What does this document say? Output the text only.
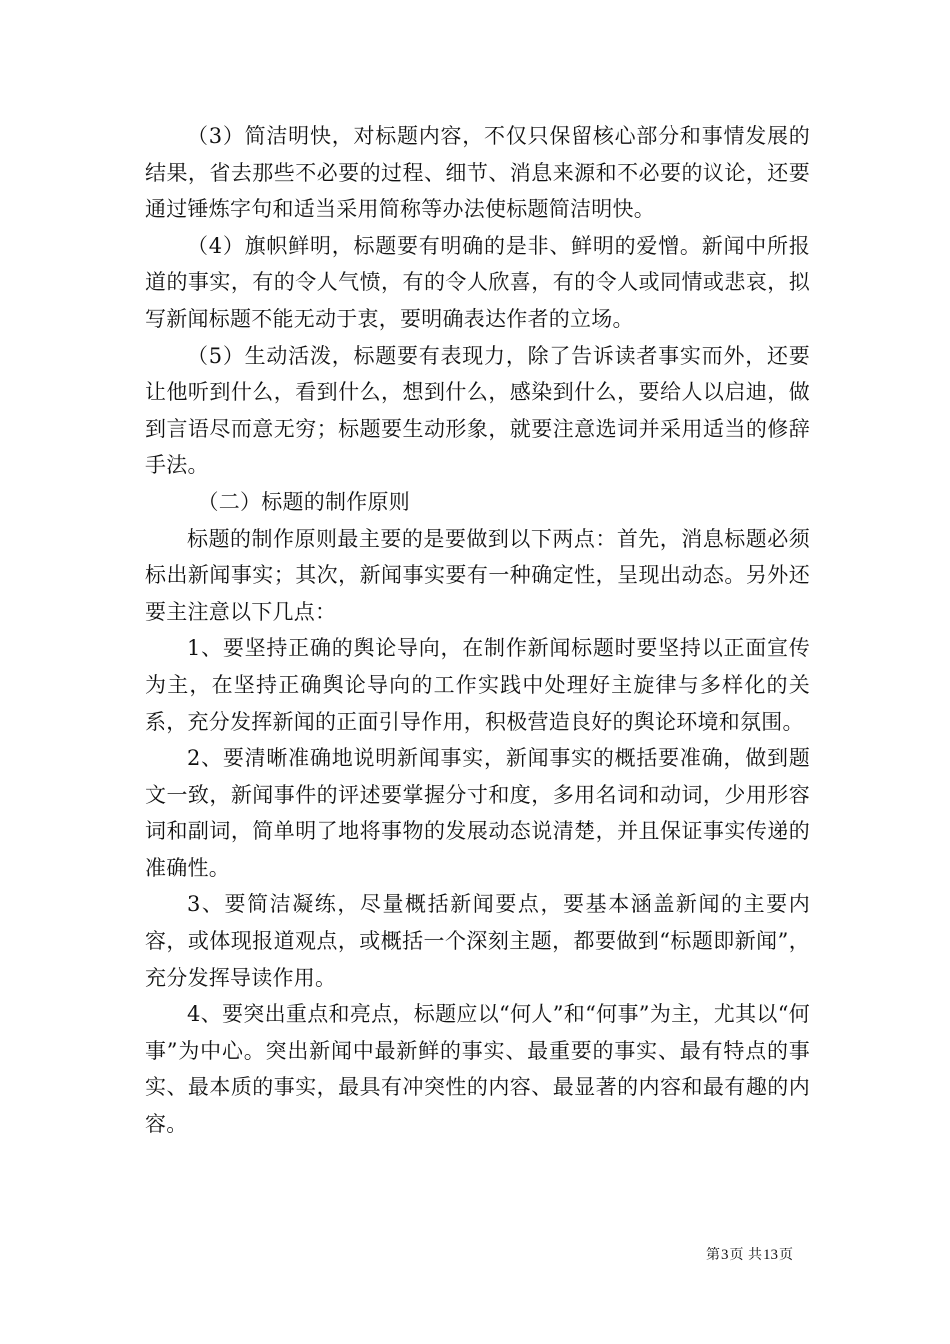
（3）简洁明快，对标题内容，不仅只保留核心部分和事情发展的结果，省去那些不必要的过程、细节、消息来源和不必要的议论，还要通过锤炼字句和适当采用简称等办法使标题简洁明快。

（4）旗帜鲜明，标题要有明确的是非、鲜明的爱憎。新闻中所报道的事实，有的令人气愤，有的令人欣喜，有的令人或同情或悲哀，拟写新闻标题不能无动于衷，要明确表达作者的立场。

（5）生动活泼，标题要有表现力，除了告诉读者事实而外，还要让他听到什么，看到什么，想到什么，感染到什么，要给人以启迪，做到言语尽而意无穷；标题要生动形象，就要注意选词并采用适当的修辞手法。

（二）标题的制作原则

标题的制作原则最主要的是要做到以下两点：首先，消息标题必须标出新闻事实；其次，新闻事实要有一种确定性，呈现出动态。另外还要主注意以下几点：

1、要坚持正确的舆论导向，在制作新闻标题时要坚持以正面宣传为主，在坚持正确舆论导向的工作实践中处理好主旋律与多样化的关系，充分发挥新闻的正面引导作用，积极营造良好的舆论环境和氛围。

2、要清晰准确地说明新闻事实，新闻事实的概括要准确，做到题文一致，新闻事件的评述要掌握分寸和度，多用名词和动词，少用形容词和副词，简单明了地将事物的发展动态说清楚，并且保证事实传递的准确性。

3、要简洁凝练，尽量概括新闻要点，要基本涵盖新闻的主要内容，或体现报道观点，或概括一个深刻主题，都要做到“标题即新闻”，充分发挥导读作用。

4、要突出重点和亮点，标题应以“何人”和“何事”为主，尤其以“何事”为中心。突出新闻中最新鲜的事实、最重要的事实、最有特点的事实、最本质的事实，最具有冲突性的内容、最显著的内容和最有趣的内容。

第3页 共13页
